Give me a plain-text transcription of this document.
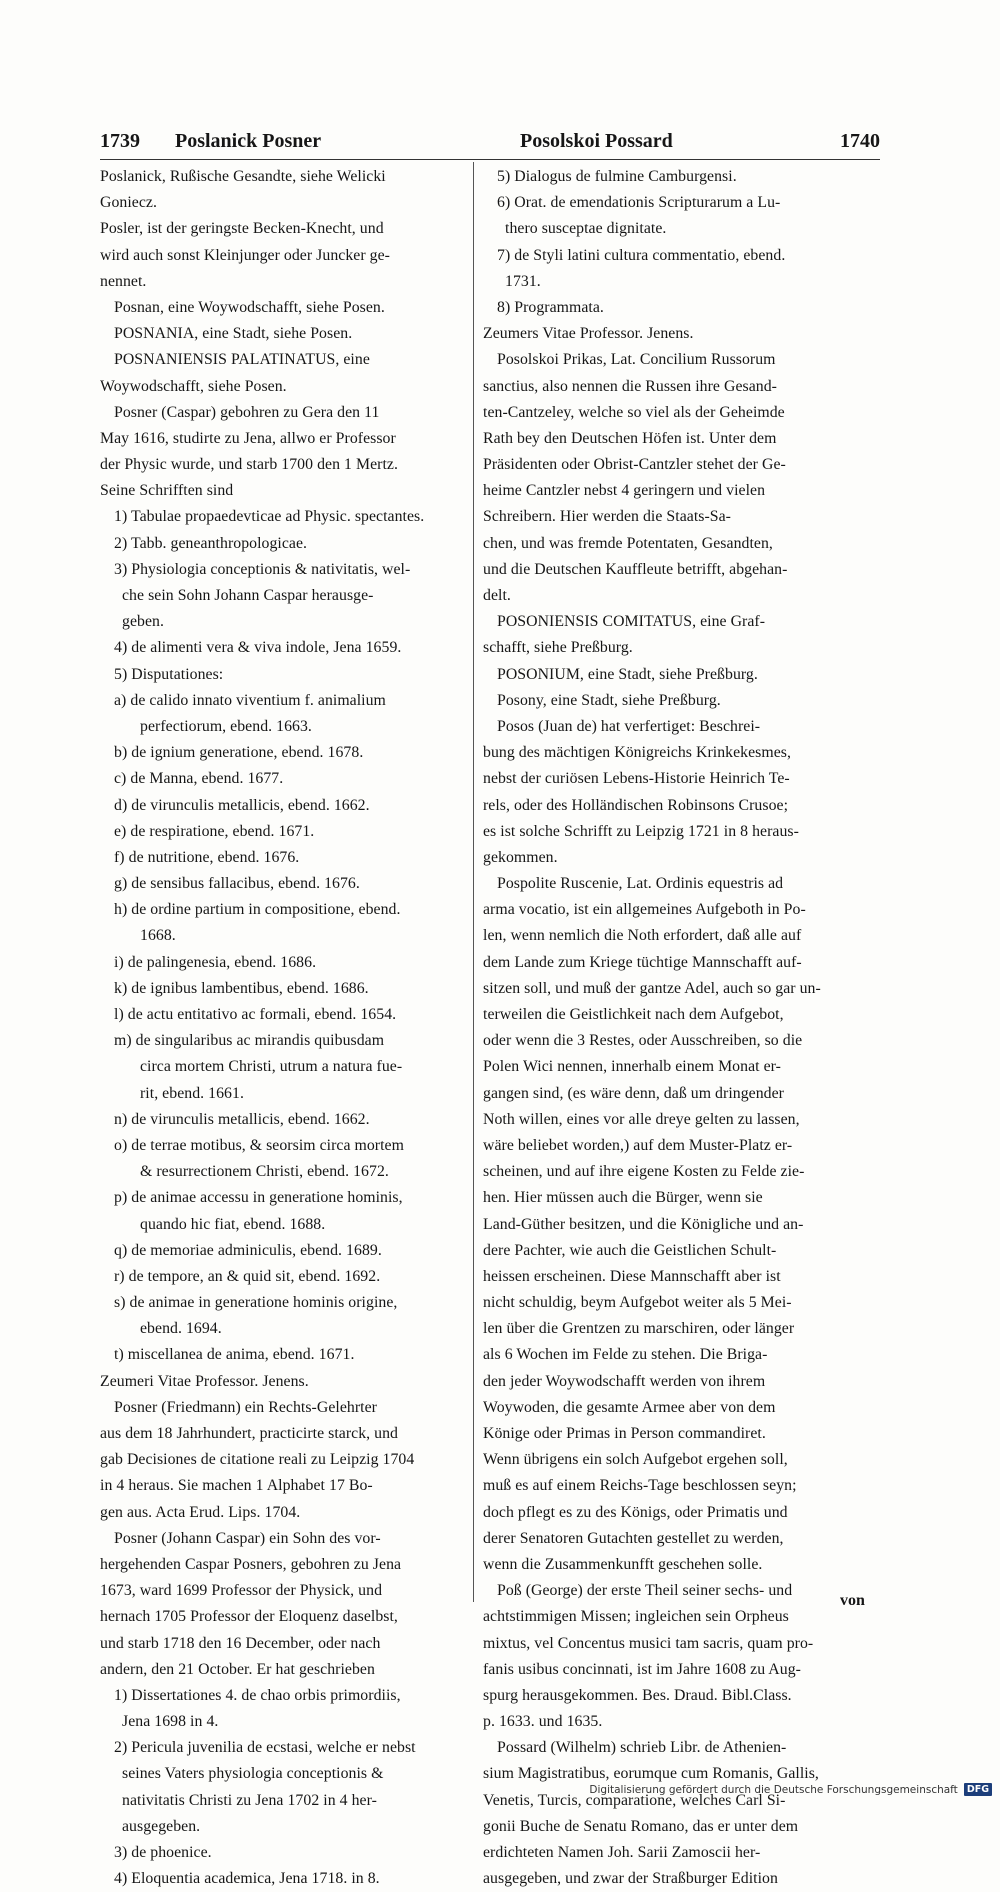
1739 Poslanick Posner	Posolskoi Possard	1740
Poslanick, Rußische Gesandte, siehe Welicki
Goniecz.
Posler, ist der geringste Becken-Knecht, und
wird auch sonst Kleinjunger oder Juncker ge-
nennet.
Posnan, eine Woywodschafft, siehe Posen.
POSNANIA, eine Stadt, siehe Posen.
POSNANIENSIS PALATINATUS, eine
Woywodschafft, siehe Posen.
Posner (Caspar) gebohren zu Gera den 11
May 1616, studirte zu Jena, allwo er Professor
der Physic wurde, und starb 1700 den 1 Mertz.
Seine Schrifften sind
1) Tabulae propaedevticae ad Physic. spectantes.
2) Tabb. geneanthropologicae.
3) Physiologia conceptionis & nativitatis, wel-
che sein Sohn Johann Caspar herausge-
geben.
4) de alimenti vera & viva indole, Jena 1659.
5) Disputationes:
a) de calido innato viventium f. animalium
perfectiorum, ebend. 1663.
b) de ignium generatione, ebend. 1678.
c) de Manna, ebend. 1677.
d) de virunculis metallicis, ebend. 1662.
e) de respiratione, ebend. 1671.
f) de nutritione, ebend. 1676.
g) de sensibus fallacibus, ebend. 1676.
h) de ordine partium in compositione, ebend.
1668.
i) de palingenesia, ebend. 1686.
k) de ignibus lambentibus, ebend. 1686.
l) de actu entitativo ac formali, ebend. 1654.
m) de singularibus ac mirandis quibusdam
circa mortem Christi, utrum a natura fue-
rit, ebend. 1661.
n) de virunculis metallicis, ebend. 1662.
o) de terrae motibus, & seorsim circa mortem
& resurrectionem Christi, ebend. 1672.
p) de animae accessu in generatione hominis,
quando hic fiat, ebend. 1688.
q) de memoriae adminiculis, ebend. 1689.
r) de tempore, an & quid sit, ebend. 1692.
s) de animae in generatione hominis origine,
ebend. 1694.
t) miscellanea de anima, ebend. 1671.
Zeumeri Vitae Professor. Jenens.
Posner (Friedmann) ein Rechts-Gelehrter
aus dem 18 Jahrhundert, practicirte starck, und
gab Decisiones de citatione reali zu Leipzig 1704
in 4 heraus. Sie machen 1 Alphabet 17 Bo-
gen aus. Acta Erud. Lips. 1704.
Posner (Johann Caspar) ein Sohn des vor-
hergehenden Caspar Posners, gebohren zu Jena
1673, ward 1699 Professor der Physick, und
hernach 1705 Professor der Eloquenz daselbst,
und starb 1718 den 16 December, oder nach
andern, den 21 October. Er hat geschrieben
1) Dissertationes 4. de chao orbis primordiis,
Jena 1698 in 4.
2) Pericula juvenilia de ecstasi, welche er nebst
seines Vaters physiologia conceptionis &
nativitatis Christi zu Jena 1702 in 4 her-
ausgegeben.
3) de phoenice.
4) Eloquentia academica, Jena 1718. in 8.
5) Dialogus de fulmine Camburgensi.
6) Orat. de emendationis Scripturarum a Lu-
thero susceptae dignitate.
7) de Styli latini cultura commentatio, ebend.
1731.
8) Programmata.
Zeumers Vitae Professor. Jenens.
Posolskoi Prikas, Lat. Concilium Russorum
sanctius, also nennen die Russen ihre Gesand-
ten-Cantzeley, welche so viel als der Geheimde
Rath bey den Deutschen Höfen ist. Unter dem
Präsidenten oder Obrist-Cantzler stehet der Ge-
heime Cantzler nebst 4 geringern und vielen
Schreibern. Hier werden die Staats-Sa-
chen, und was fremde Potentaten, Gesandten,
und die Deutschen Kauffleute betrifft, abgehan-
delt.
POSONIENSIS COMITATUS, eine Graf-
schafft, siehe Preßburg.
POSONIUM, eine Stadt, siehe Preßburg.
Posony, eine Stadt, siehe Preßburg.
Posos (Juan de) hat verfertiget: Beschrei-
bung des mächtigen Königreichs Krinkekesmes,
nebst der curiösen Lebens-Historie Heinrich Te-
rels, oder des Holländischen Robinsons Crusoe;
es ist solche Schrifft zu Leipzig 1721 in 8 heraus-
gekommen.
Pospolite Ruscenie, Lat. Ordinis equestris ad
arma vocatio, ist ein allgemeines Aufgeboth in Po-
len, wenn nemlich die Noth erfordert, daß alle auf
dem Lande zum Kriege tüchtige Mannschafft auf-
sitzen soll, und muß der gantze Adel, auch so gar un-
terweilen die Geistlichkeit nach dem Aufgebot,
oder wenn die 3 Restes, oder Ausschreiben, so die
Polen Wici nennen, innerhalb einem Monat er-
gangen sind, (es wäre denn, daß um dringender
Noth willen, eines vor alle dreye gelten zu lassen,
wäre beliebet worden,) auf dem Muster-Platz er-
scheinen, und auf ihre eigene Kosten zu Felde zie-
hen. Hier müssen auch die Bürger, wenn sie
Land-Güther besitzen, und die Königliche und an-
dere Pachter, wie auch die Geistlichen Schult-
heissen erscheinen. Diese Mannschafft aber ist
nicht schuldig, beym Aufgebot weiter als 5 Mei-
len über die Grentzen zu marschiren, oder länger
als 6 Wochen im Felde zu stehen. Die Briga-
den jeder Woywodschafft werden von ihrem
Woywoden, die gesamte Armee aber von dem
Könige oder Primas in Person commandiret.
Wenn übrigens ein solch Aufgebot ergehen soll,
muß es auf einem Reichs-Tage beschlossen seyn;
doch pflegt es zu des Königs, oder Primatis und
derer Senatoren Gutachten gestellet zu werden,
wenn die Zusammenkunfft geschehen solle.
Poß (George) der erste Theil seiner sechs- und
achtstimmigen Missen; ingleichen sein Orpheus
mixtus, vel Concentus musici tam sacris, quam pro-
fanis usibus concinnati, ist im Jahre 1608 zu Aug-
spurg herausgekommen. Bes. Draud. Bibl.Class.
p. 1633. und 1635.
Possard (Wilhelm) schrieb Libr. de Athenien-
sium Magistratibus, eorumque cum Romanis, Gallis,
Venetis, Turcis, comparatione, welches Carl Si-
gonii Buche de Senatu Romano, das er unter dem
erdichteten Namen Joh. Sarii Zamoscii her-
ausgegeben, und zwar der Straßburger Edition
von
Digitalisierung gefördert durch die Deutsche Forschungsgemeinschaft DFG
